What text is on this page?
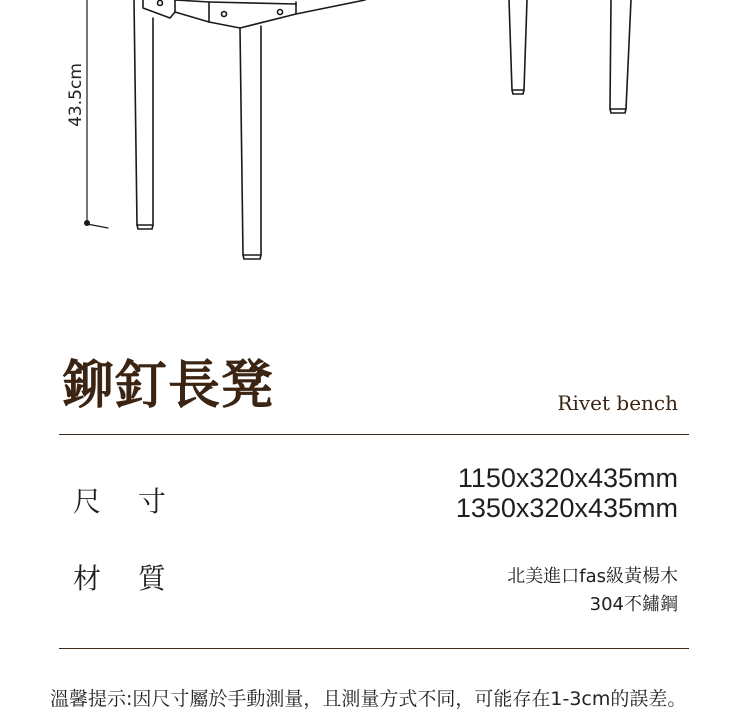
43.5cm
鉚釘長凳	Rivet bench
尺 寸
1150x320x435mm
1350x320x435mm
材 質	北美進口fas級黃楊木
304不鏽鋼
溫馨提示:因尺寸屬於手動測量，且測量方式不同，可能存在1-3cm的誤差。
